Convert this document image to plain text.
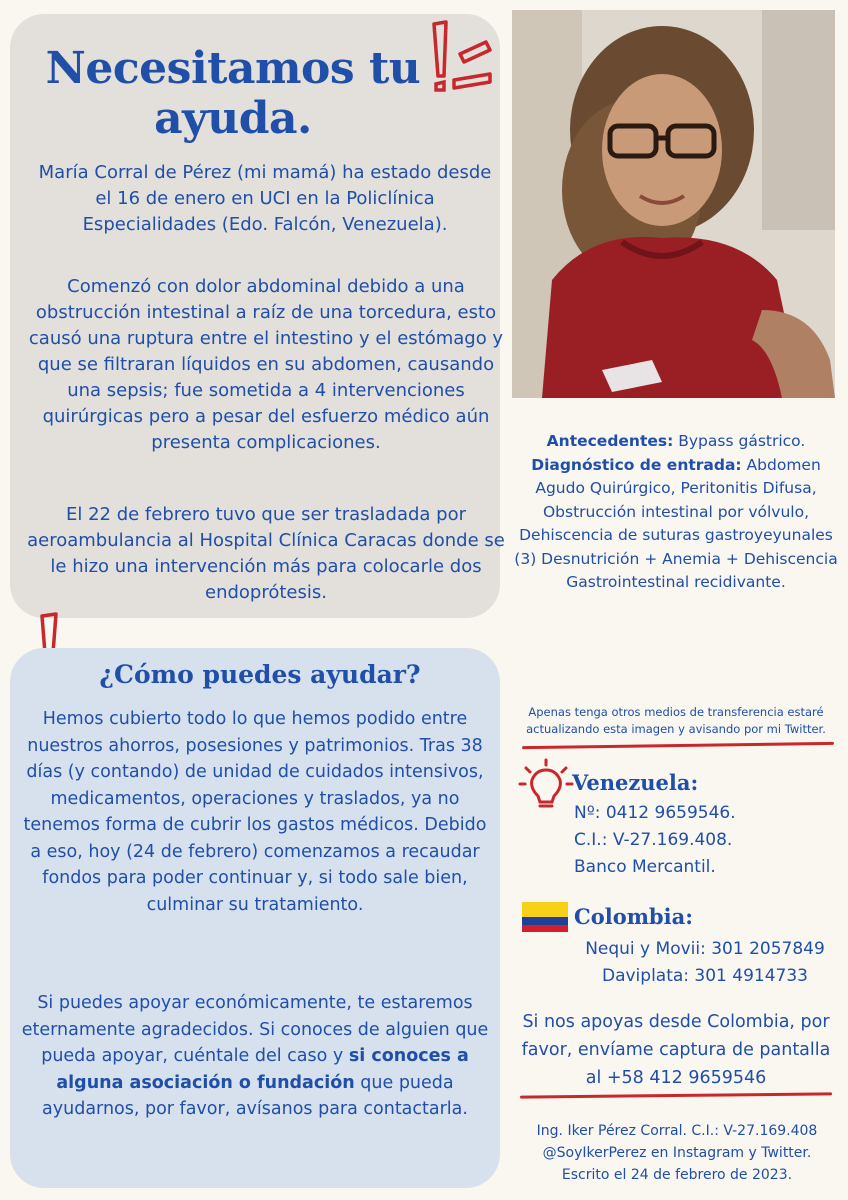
Necesitamos tu ayuda.

María Corral de Pérez (mi mamá) ha estado desde el 16 de enero en UCI en la Policlínica Especialidades (Edo. Falcón, Venezuela).

Comenzó con dolor abdominal debido a una obstrucción intestinal a raíz de una torcedura, esto causó una ruptura entre el intestino y el estómago y que se filtraran líquidos en su abdomen, causando una sepsis; fue sometida a 4 intervenciones quirúrgicas pero a pesar del esfuerzo médico aún presenta complicaciones.

El 22 de febrero tuvo que ser trasladada por aeroambulancia al Hospital Clínica Caracas donde se le hizo una intervención más para colocarle dos endoprótesis.

Antecedentes: Bypass gástrico.
Diagnóstico de entrada: Abdomen Agudo Quirúrgico, Peritonitis Difusa, Obstrucción intestinal por vólvulo, Dehiscencia de suturas gastroyeyunales (3) Desnutrición + Anemia + Dehiscencia Gastrointestinal recidivante.

¿Cómo puedes ayudar?

Hemos cubierto todo lo que hemos podido entre nuestros ahorros, posesiones y patrimonios. Tras 38 días (y contando) de unidad de cuidados intensivos, medicamentos, operaciones y traslados, ya no tenemos forma de cubrir los gastos médicos. Debido a eso, hoy (24 de febrero) comenzamos a recaudar fondos para poder continuar y, si todo sale bien, culminar su tratamiento.

Si puedes apoyar económicamente, te estaremos eternamente agradecidos. Si conoces de alguien que pueda apoyar, cuéntale del caso y si conoces a alguna asociación o fundación que pueda ayudarnos, por favor, avísanos para contactarla.

Apenas tenga otros medios de transferencia estaré actualizando esta imagen y avisando por mi Twitter.

Venezuela:
Nº: 0412 9659546.
C.I.: V-27.169.408.
Banco Mercantil.
Colombia:
Nequi y Movii: 301 2057849
Daviplata: 301 4914733

Si nos apoyas desde Colombia, por favor, envíame captura de pantalla al +58 412 9659546

Ing. Iker Pérez Corral. C.I.: V-27.169.408
@SoyIkerPerez en Instagram y Twitter.
Escrito el 24 de febrero de 2023.
